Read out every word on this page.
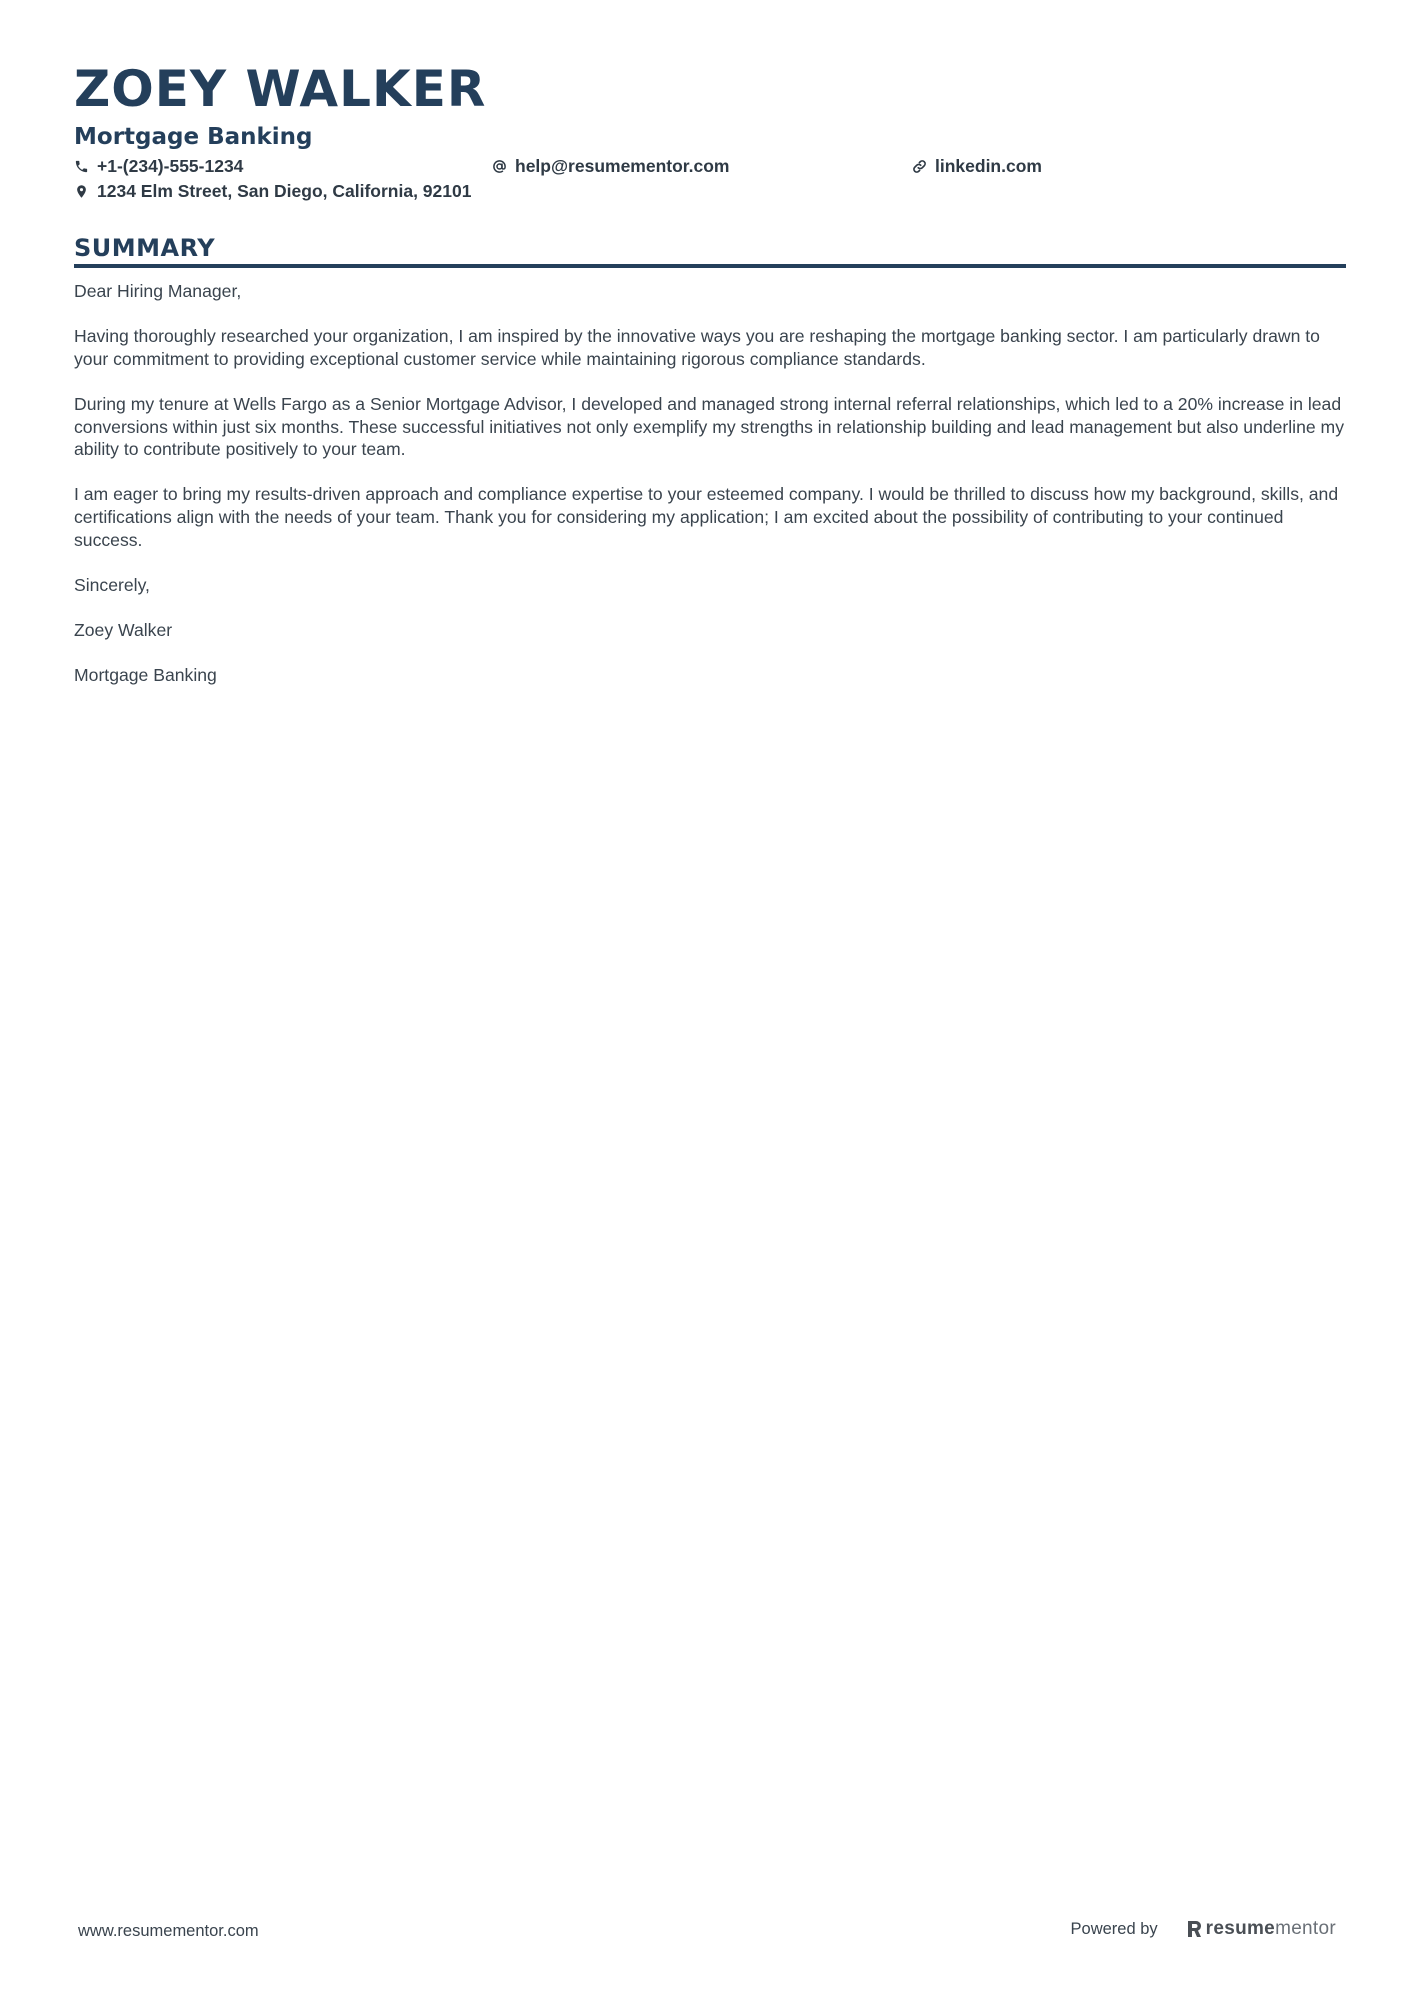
ZOEY WALKER
Mortgage Banking
+1-(234)-555-1234	help@resumementor.com	linkedin.com
1234 Elm Street, San Diego, California, 92101
SUMMARY

Dear Hiring Manager,

Having thoroughly researched your organization, I am inspired by the innovative ways you are reshaping the mortgage banking sector. I am particularly drawn to your commitment to providing exceptional customer service while maintaining rigorous compliance standards.

During my tenure at Wells Fargo as a Senior Mortgage Advisor, I developed and managed strong internal referral relationships, which led to a 20% increase in lead conversions within just six months. These successful initiatives not only exemplify my strengths in relationship building and lead management but also underline my ability to contribute positively to your team.

I am eager to bring my results-driven approach and compliance expertise to your esteemed company. I would be thrilled to discuss how my background, skills, and certifications align with the needs of your team. Thank you for considering my application; I am excited about the possibility of contributing to your continued success.

Sincerely,

Zoey Walker

Mortgage Banking

www.resumementor.com	Powered by	resumementor
